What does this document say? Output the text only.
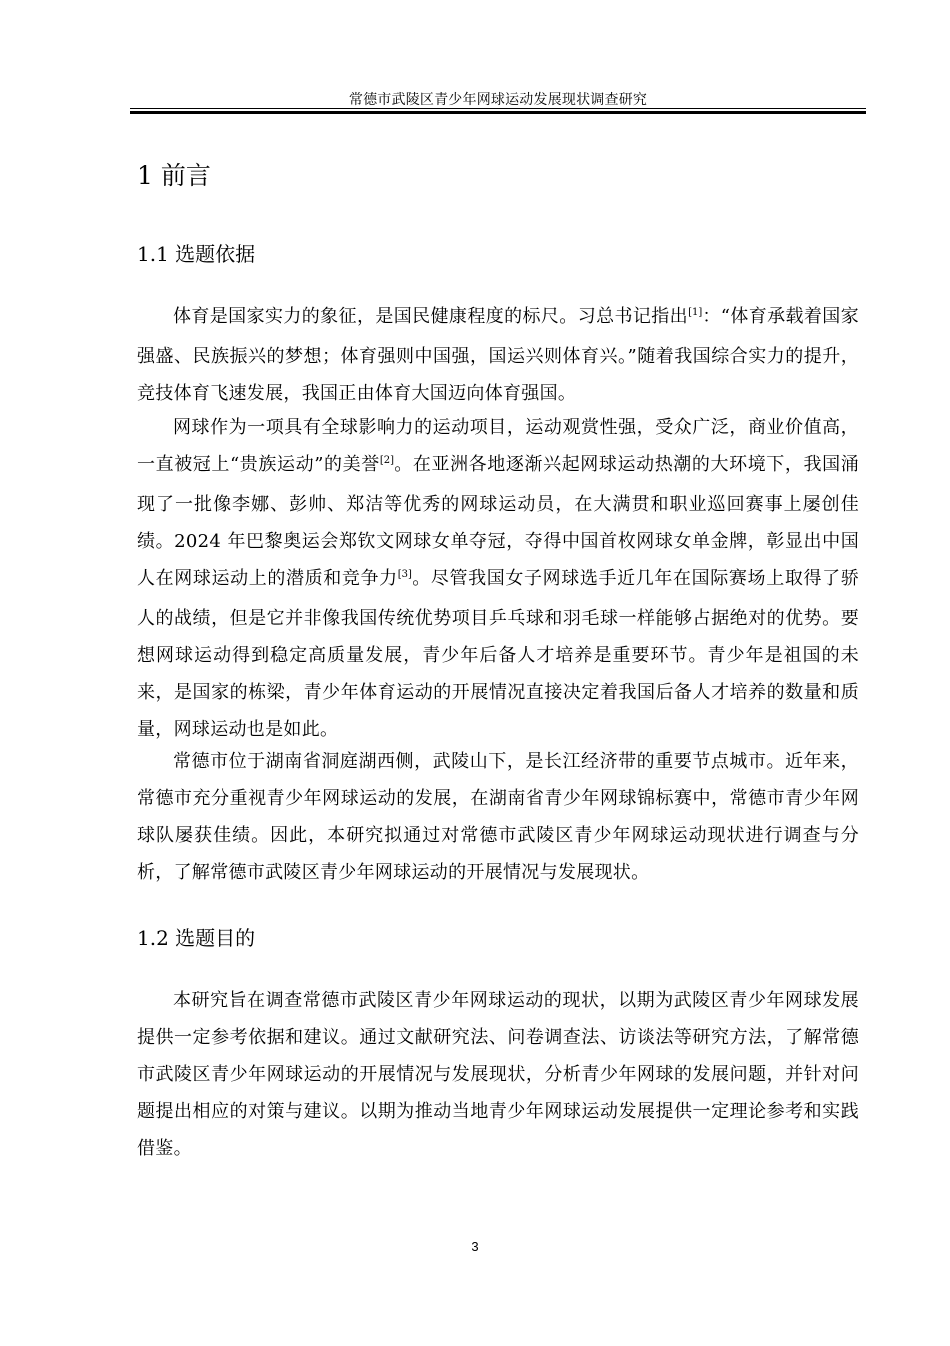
常德市武陵区青少年网球运动发展现状调查研究
1 前言
1.1 选题依据

体育是国家实力的象征，是国民健康程度的标尺。习总书记指出[1]：“体育承载着国家强盛、民族振兴的梦想；体育强则中国强，国运兴则体育兴。”随着我国综合实力的提升，竞技体育飞速发展，我国正由体育大国迈向体育强国。

网球作为一项具有全球影响力的运动项目，运动观赏性强，受众广泛，商业价值高，一直被冠上“贵族运动”的美誉[2]。在亚洲各地逐渐兴起网球运动热潮的大环境下，我国涌现了一批像李娜、彭帅、郑洁等优秀的网球运动员，在大满贯和职业巡回赛事上屡创佳绩。2024 年巴黎奥运会郑钦文网球女单夺冠，夺得中国首枚网球女单金牌，彰显出中国人在网球运动上的潜质和竞争力[3]。尽管我国女子网球选手近几年在国际赛场上取得了骄人的战绩，但是它并非像我国传统优势项目乒乓球和羽毛球一样能够占据绝对的优势。要想网球运动得到稳定高质量发展，青少年后备人才培养是重要环节。青少年是祖国的未来，是国家的栋梁，青少年体育运动的开展情况直接决定着我国后备人才培养的数量和质量，网球运动也是如此。

常德市位于湖南省洞庭湖西侧，武陵山下，是长江经济带的重要节点城市。近年来，常德市充分重视青少年网球运动的发展，在湖南省青少年网球锦标赛中，常德市青少年网球队屡获佳绩。因此，本研究拟通过对常德市武陵区青少年网球运动现状进行调查与分析，了解常德市武陵区青少年网球运动的开展情况与发展现状。

1.2 选题目的

本研究旨在调查常德市武陵区青少年网球运动的现状，以期为武陵区青少年网球发展提供一定参考依据和建议。通过文献研究法、问卷调查法、访谈法等研究方法，了解常德市武陵区青少年网球运动的开展情况与发展现状，分析青少年网球的发展问题，并针对问题提出相应的对策与建议。以期为推动当地青少年网球运动发展提供一定理论参考和实践借鉴。

3
